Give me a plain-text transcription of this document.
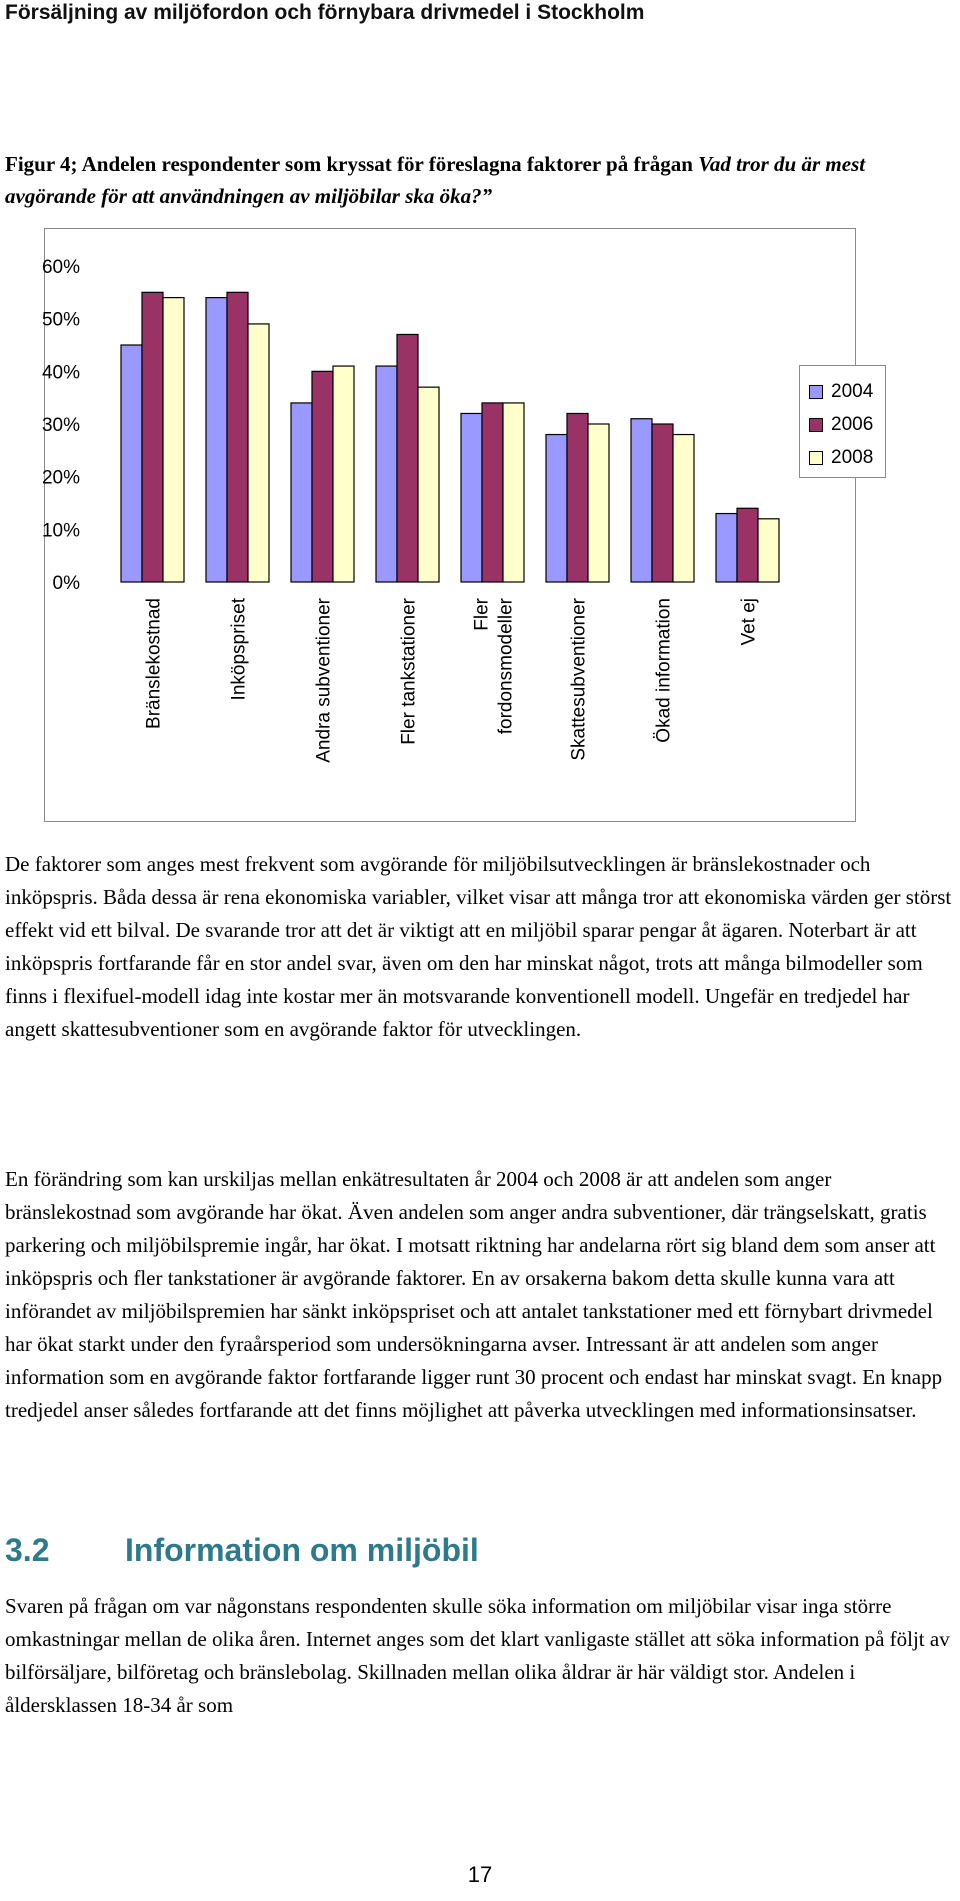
Försäljning av miljöfordon och förnybara drivmedel i Stockholm
Figur 4; Andelen respondenter som kryssat för föreslagna faktorer på frågan Vad tror du är mest avgörande för att användningen av miljöbilar ska öka?”
0%
10%
20%
30%
40%
50%
60%
Bränslekostnad	Inköpspriset	Andra subventioner	Fler tankstationer	Fler fordonsmodeller	Skattesubventioner	Ökad information	Vet ej
2004
2006
2008

De faktorer som anges mest frekvent som avgörande för miljöbilsutvecklingen är bränslekostnader och inköpspris. Båda dessa är rena ekonomiska variabler, vilket visar att många tror att ekonomiska värden ger störst effekt vid ett bilval. De svarande tror att det är viktigt att en miljöbil sparar pengar åt ägaren. Noterbart är att inköpspris fortfarande får en stor andel svar, även om den har minskat något, trots att många bilmodeller som finns i flexifuel-modell idag inte kostar mer än motsvarande konventionell modell. Ungefär en tredjedel har angett skattesubventioner som en avgörande faktor för utvecklingen.

En förändring som kan urskiljas mellan enkätresultaten år 2004 och 2008 är att andelen som anger bränslekostnad som avgörande har ökat. Även andelen som anger andra subventioner, där trängselskatt, gratis parkering och miljöbilspremie ingår, har ökat. I motsatt riktning har andelarna rört sig bland dem som anser att inköpspris och fler tankstationer är avgörande faktorer. En av orsakerna bakom detta skulle kunna vara att införandet av miljöbilspremien har sänkt inköpspriset och att antalet tankstationer med ett förnybart drivmedel har ökat starkt under den fyraårsperiod som undersökningarna avser. Intressant är att andelen som anger information som en avgörande faktor fortfarande ligger runt 30 procent och endast har minskat svagt. En knapp tredjedel anser således fortfarande att det finns möjlighet att påverka utvecklingen med informationsinsatser.

3.2 Information om miljöbil

Svaren på frågan om var någonstans respondenten skulle söka information om miljöbilar visar inga större omkastningar mellan de olika åren. Internet anges som det klart vanligaste stället att söka information på följt av bilförsäljare, bilföretag och bränslebolag. Skillnaden mellan olika åldrar är här väldigt stor. Andelen i åldersklassen 18-34 år som

17
